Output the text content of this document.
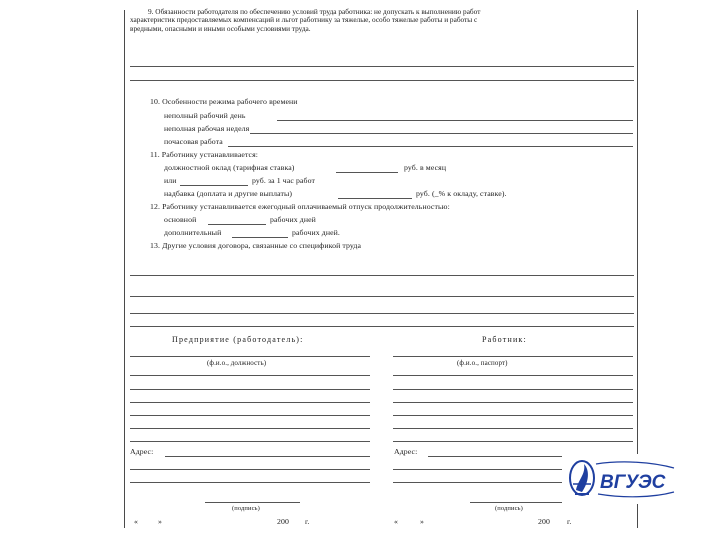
9. Обязанности работодателя по обеспечению условий труда работника: не допускать к выполнению работ
характеристик предоставляемых компенсаций и льгот работнику за тяжелые, особо тяжелые работы и работы с
вредными, опасными и иными особыми условиями труда.
10. Особенности режима рабочего времени
неполный рабочий день
неполная рабочая неделя
почасовая работа
11. Работнику устанавливается:
должностной оклад (тарифная ставка)	руб. в месяц
или	руб. за 1 час работ
надбавка (доплата и другие выплаты)	руб. (_% к окладу, ставке).
12. Работнику устанавливается ежегодный оплачиваемый отпуск продолжительностью:
основной	рабочих дней
дополнительный	рабочих дней.
13. Другие условия договора, связанные со спецификой труда
Предприятие (работодатель):	Работник:
(ф.и.о., должность)
Адрес:
(подпись)
«	»	200 г.
(ф.и.о., паспорт)
Адрес:
(подпись)
«	»	200 г.
ВГУЭС
